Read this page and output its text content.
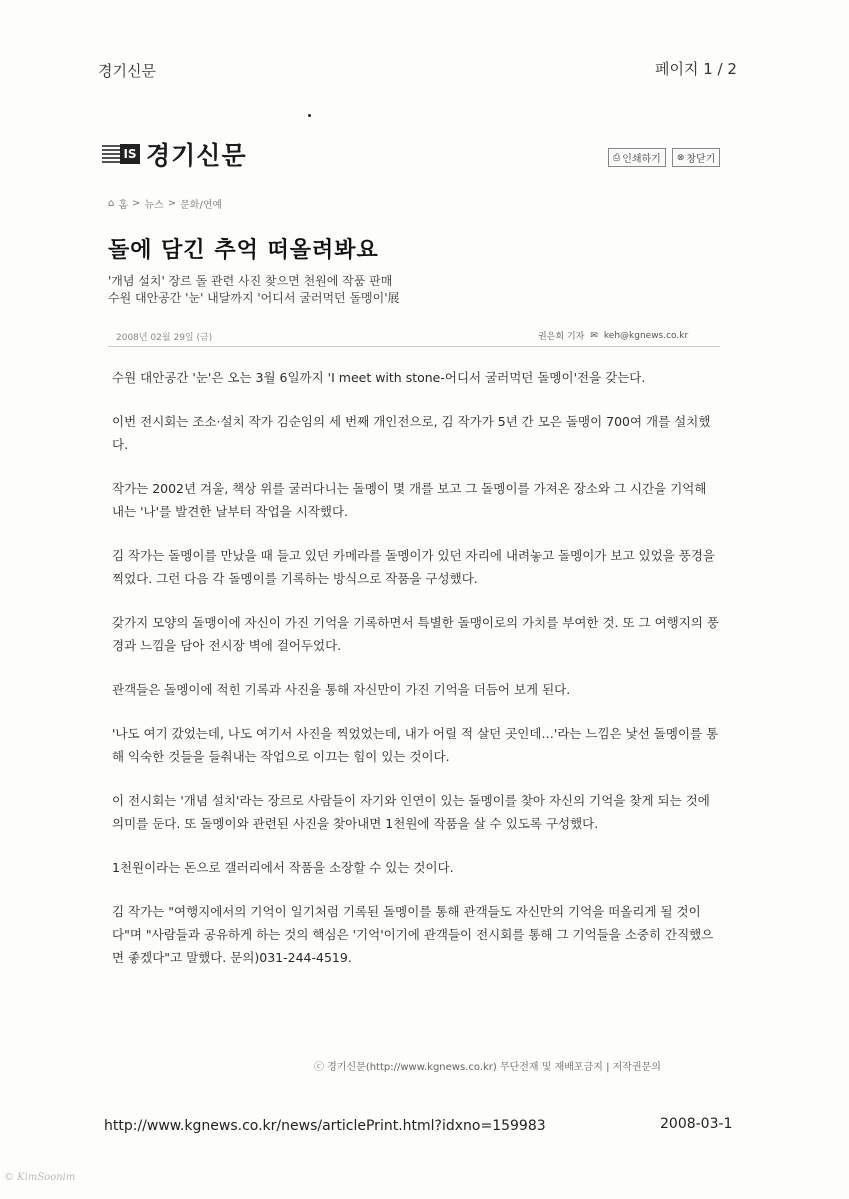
경기신문	페이지 1 / 2
IS 경기신문	⎙ 인쇄하기 ⊗ 창닫기
⌂ 홈 > 뉴스 > 문화/연예
돌에 담긴 추억 떠올려봐요
'개념 설치' 장르 돌 관련 사진 찾으면 천원에 작품 판매
수원 대안공간 '눈' 내달까지 '어디서 굴러먹던 돌멩이'展
2008년 02월 29일 (금)	권은희 기자 ✉ keh@kgnews.co.kr

수원 대안공간 '눈'은 오는 3월 6일까지 'I meet with stone-어디서 굴러먹던 돌멩이'전을 갖는다.

이번 전시회는 조소·설치 작가 김순임의 세 번째 개인전으로, 김 작가가 5년 간 모은 돌맹이 700여 개를 설치했다.

작가는 2002년 겨울, 책상 위를 굴러다니는 돌멩이 몇 개를 보고 그 돌멩이를 가져온 장소와 그 시간을 기억해 내는 '나'를 발견한 날부터 작업을 시작했다.

김 작가는 돌멩이를 만났을 때 들고 있던 카메라를 돌멩이가 있던 자리에 내려놓고 돌멩이가 보고 있었을 풍경을 찍었다. 그런 다음 각 돌멩이를 기록하는 방식으로 작품을 구성했다.

갖가지 모양의 돌맹이에 자신이 가진 기억을 기록하면서 특별한 돌맹이로의 가치를 부여한 것. 또 그 여행지의 풍경과 느낌을 담아 전시장 벽에 걸어두었다.

관객들은 돌멩이에 적힌 기록과 사진을 통해 자신만이 가진 기억을 더듬어 보게 된다.

'나도 여기 갔었는데, 나도 여기서 사진을 찍었었는데, 내가 어릴 적 살던 곳인데…'라는 느낌은 낯선 돌멩이를 통해 익숙한 것들을 들춰내는 작업으로 이끄는 힘이 있는 것이다.

이 전시회는 '개념 설치'라는 장르로 사람들이 자기와 인연이 있는 돌멩이를 찾아 자신의 기억을 찾게 되는 것에 의미를 둔다. 또 돌멩이와 관련된 사진을 찾아내면 1천원에 작품을 살 수 있도록 구성했다.

1천원이라는 돈으로 갤러리에서 작품을 소장할 수 있는 것이다.

김 작가는 "여행지에서의 기억이 일기처럼 기록된 돌멩이를 통해 관객들도 자신만의 기억을 떠올리게 될 것이다"며 "사람들과 공유하게 하는 것의 핵심은 '기억'이기에 관객들이 전시회를 통해 그 기억들을 소중히 간직했으면 좋겠다"고 말했다. 문의)031-244-4519.

ⓒ 경기신문(http://www.kgnews.co.kr) 무단전재 및 재배포금지 | 저작권문의
http://www.kgnews.co.kr/news/articlePrint.html?idxno=159983	2008-03-1
© KimSoonim
